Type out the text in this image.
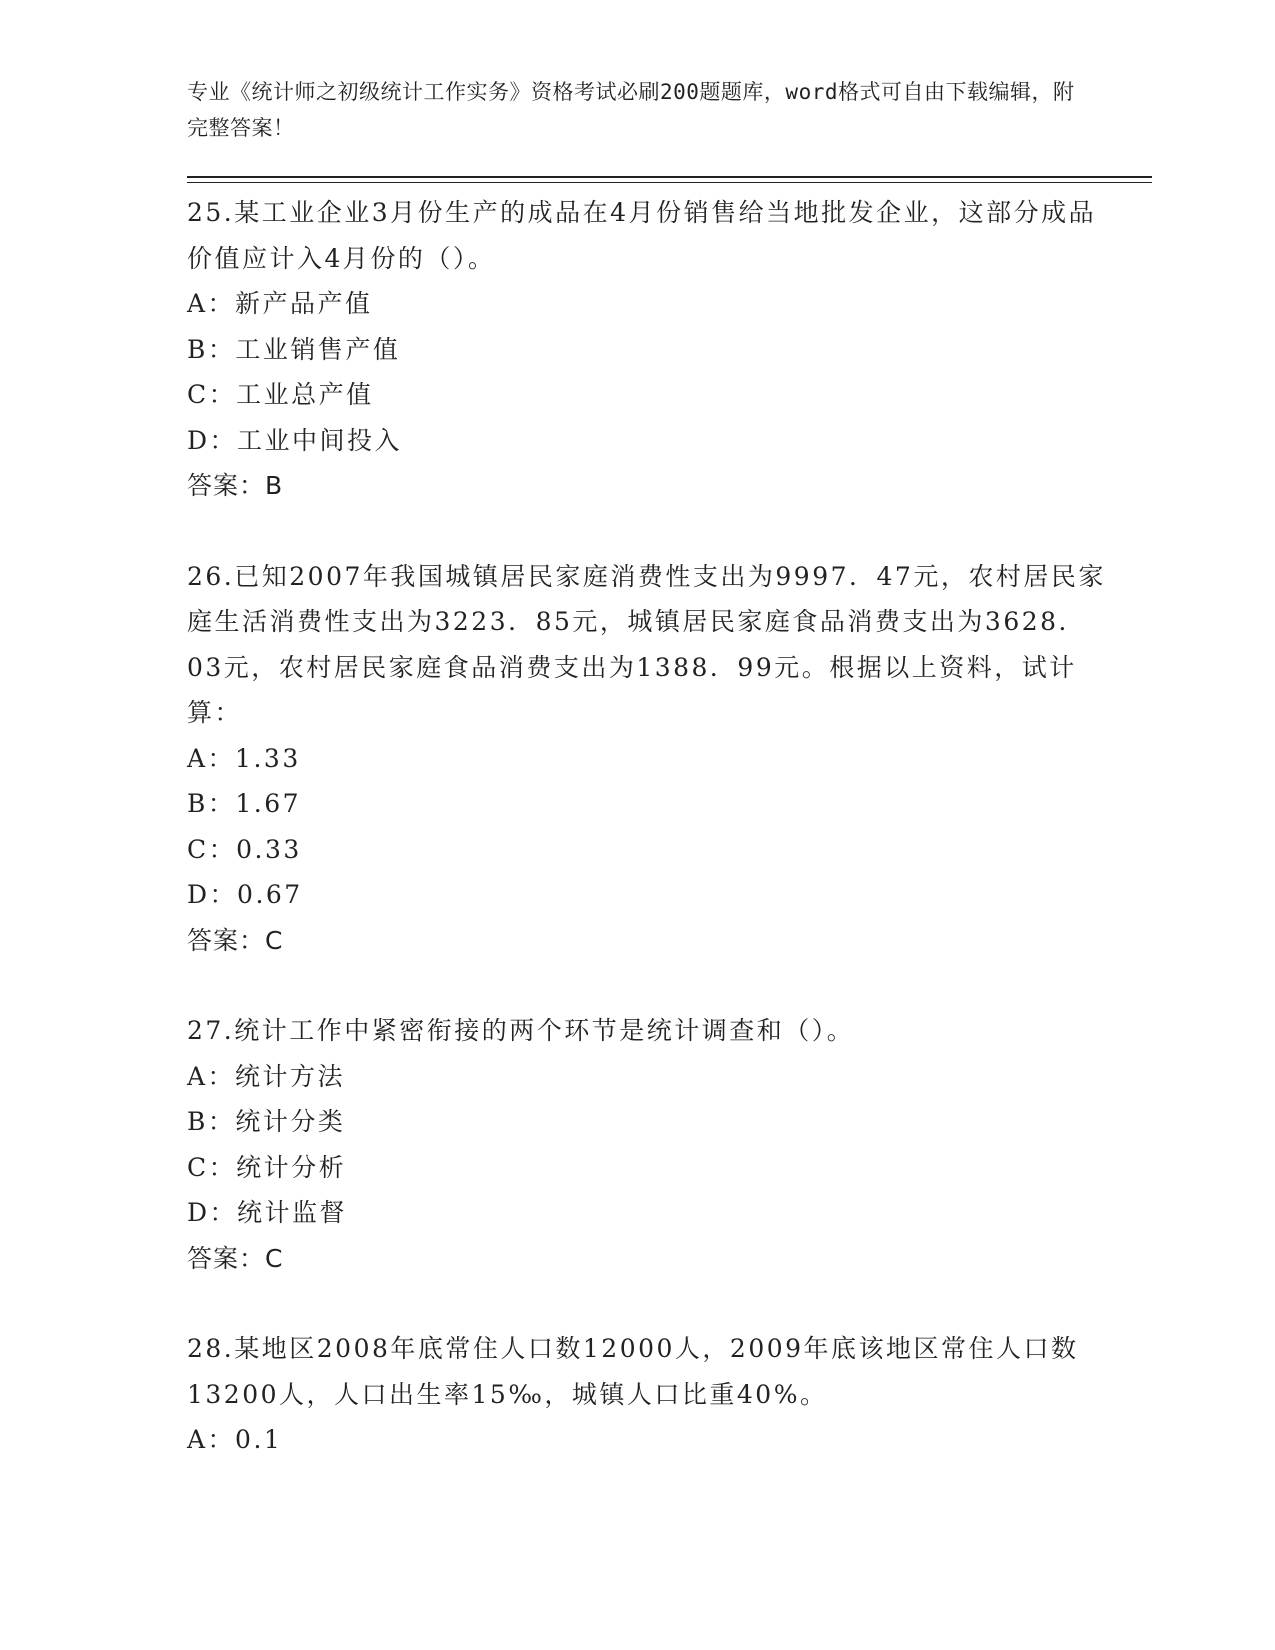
专业《统计师之初级统计工作实务》资格考试必刷200题题库，word格式可自由下载编辑，附完整答案！

25.某工业企业3月份生产的成品在4月份销售给当地批发企业，这部分成品价值应计入4月份的（）。

A：新产品产值

B：工业销售产值

C：工业总产值

D：工业中间投入

答案：B

26.已知2007年我国城镇居民家庭消费性支出为9997．47元，农村居民家庭生活消费性支出为3223．85元，城镇居民家庭食品消费支出为3628．03元，农村居民家庭食品消费支出为1388．99元。根据以上资料，试计算：

A：1.33

B：1.67

C：0.33

D：0.67

答案：C

27.统计工作中紧密衔接的两个环节是统计调查和（）。

A：统计方法

B：统计分类

C：统计分析

D：统计监督

答案：C

28.某地区2008年底常住人口数12000人，2009年底该地区常住人口数13200人，人口出生率15‰，城镇人口比重40%。

A：0.1
